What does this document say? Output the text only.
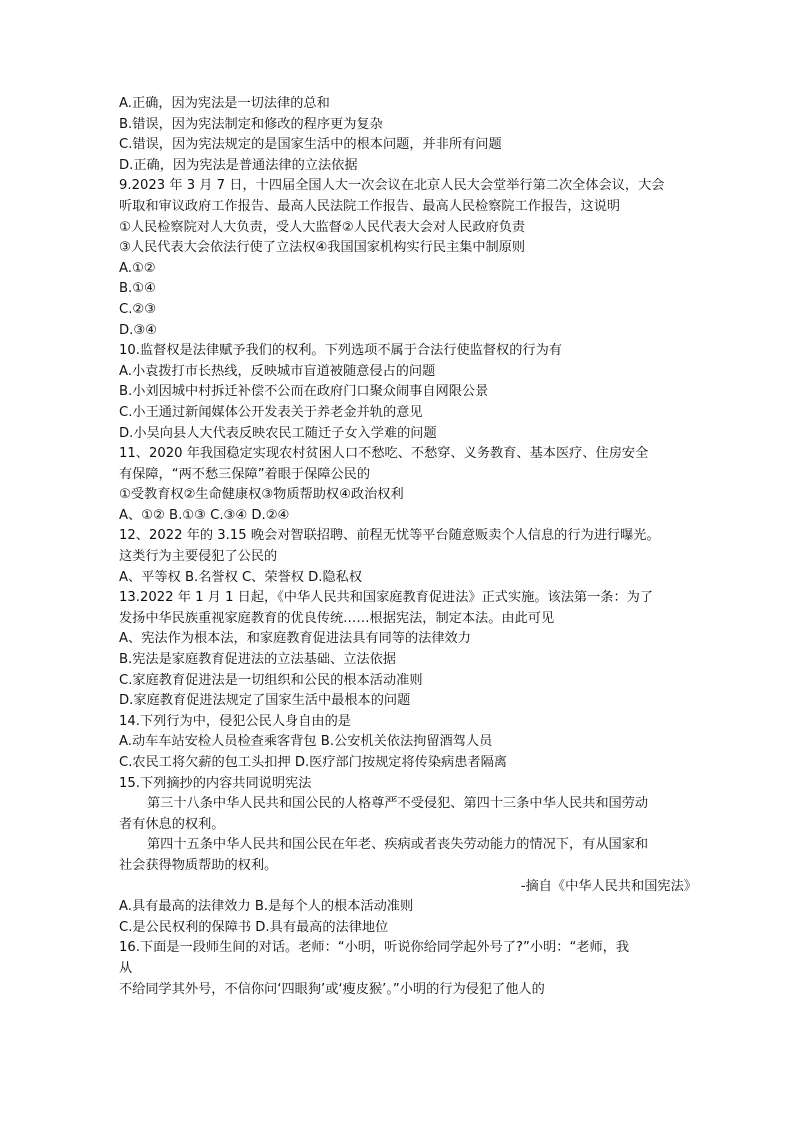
A.正确，因为宪法是一切法律的总和
B.错误，因为宪法制定和修改的程序更为复杂
C.错误，因为宪法规定的是国家生活中的根本问题，并非所有问题
D.正确，因为宪法是普通法律的立法依据
9.2023 年 3 月 7 日，十四届全国人大一次会议在北京人民大会堂举行第二次全体会议，大会
听取和审议政府工作报告、最高人民法院工作报告、最高人民检察院工作报告，这说明
①人民检察院对人大负责，受人大监督②人民代表大会对人民政府负责
③人民代表大会依法行使了立法权④我国国家机构实行民主集中制原则
A.①②
B.①④
C.②③
D.③④
10.监督权是法律赋予我们的权利。下列选项不属于合法行使监督权的行为有
A.小袁拨打市长热线，反映城市盲道被随意侵占的问题
B.小刘因城中村拆迁补偿不公而在政府门口聚众闹事自网限公景
C.小王通过新闻媒体公开发表关于养老金并轨的意见
D.小吴向县人大代表反映农民工随迁子女入学难的问题
11、2020 年我国稳定实现农村贫困人口不愁吃、不愁穿、义务教育、基本医疗、住房安全
有保障，“两不愁三保障”着眼于保障公民的
①受教育权②生命健康权③物质帮助权④政治权利
A、①② B.①③ C.③④ D.②④
12、2022 年的 3.15 晚会对智联招聘、前程无忧等平台随意贩卖个人信息的行为进行曝光。
这类行为主要侵犯了公民的
A、平等权 B.名誉权 C、荣誉权 D.隐私权
13.2022 年 1 月 1 日起，《中华人民共和国家庭教育促进法》正式实施。该法第一条：为了
发扬中华民族重视家庭教育的优良传统……根据宪法，制定本法。由此可见
A、宪法作为根本法，和家庭教育促进法具有同等的法律效力
B.宪法是家庭教育促进法的立法基础、立法依据
C.家庭教育促进法是一切组织和公民的根本活动准则
D.家庭教育促进法规定了国家生活中最根本的问题
14.下列行为中，侵犯公民人身自由的是
A.动车车站安检人员检查乘客背包 B.公安机关依法拘留酒驾人员
C.农民工将欠薪的包工头扣押 D.医疗部门按规定将传染病患者隔离
15.下列摘抄的内容共同说明宪法
第三十八条中华人民共和国公民的人格尊严不受侵犯、第四十三条中华人民共和国劳动
者有休息的权利。
第四十五条中华人民共和国公民在年老、疾病或者丧失劳动能力的情况下，有从国家和
社会获得物质帮助的权利。
-摘自《中华人民共和国宪法》
A.具有最高的法律效力 B.是每个人的根本活动准则
C.是公民权利的保障书 D.具有最高的法律地位
16.下面是一段师生间的对话。老师：“小明，听说你给同学起外号了?”小明：“老师，我
从
不给同学其外号，不信你问‘四眼狗’或‘瘦皮猴’。”小明的行为侵犯了他人的
